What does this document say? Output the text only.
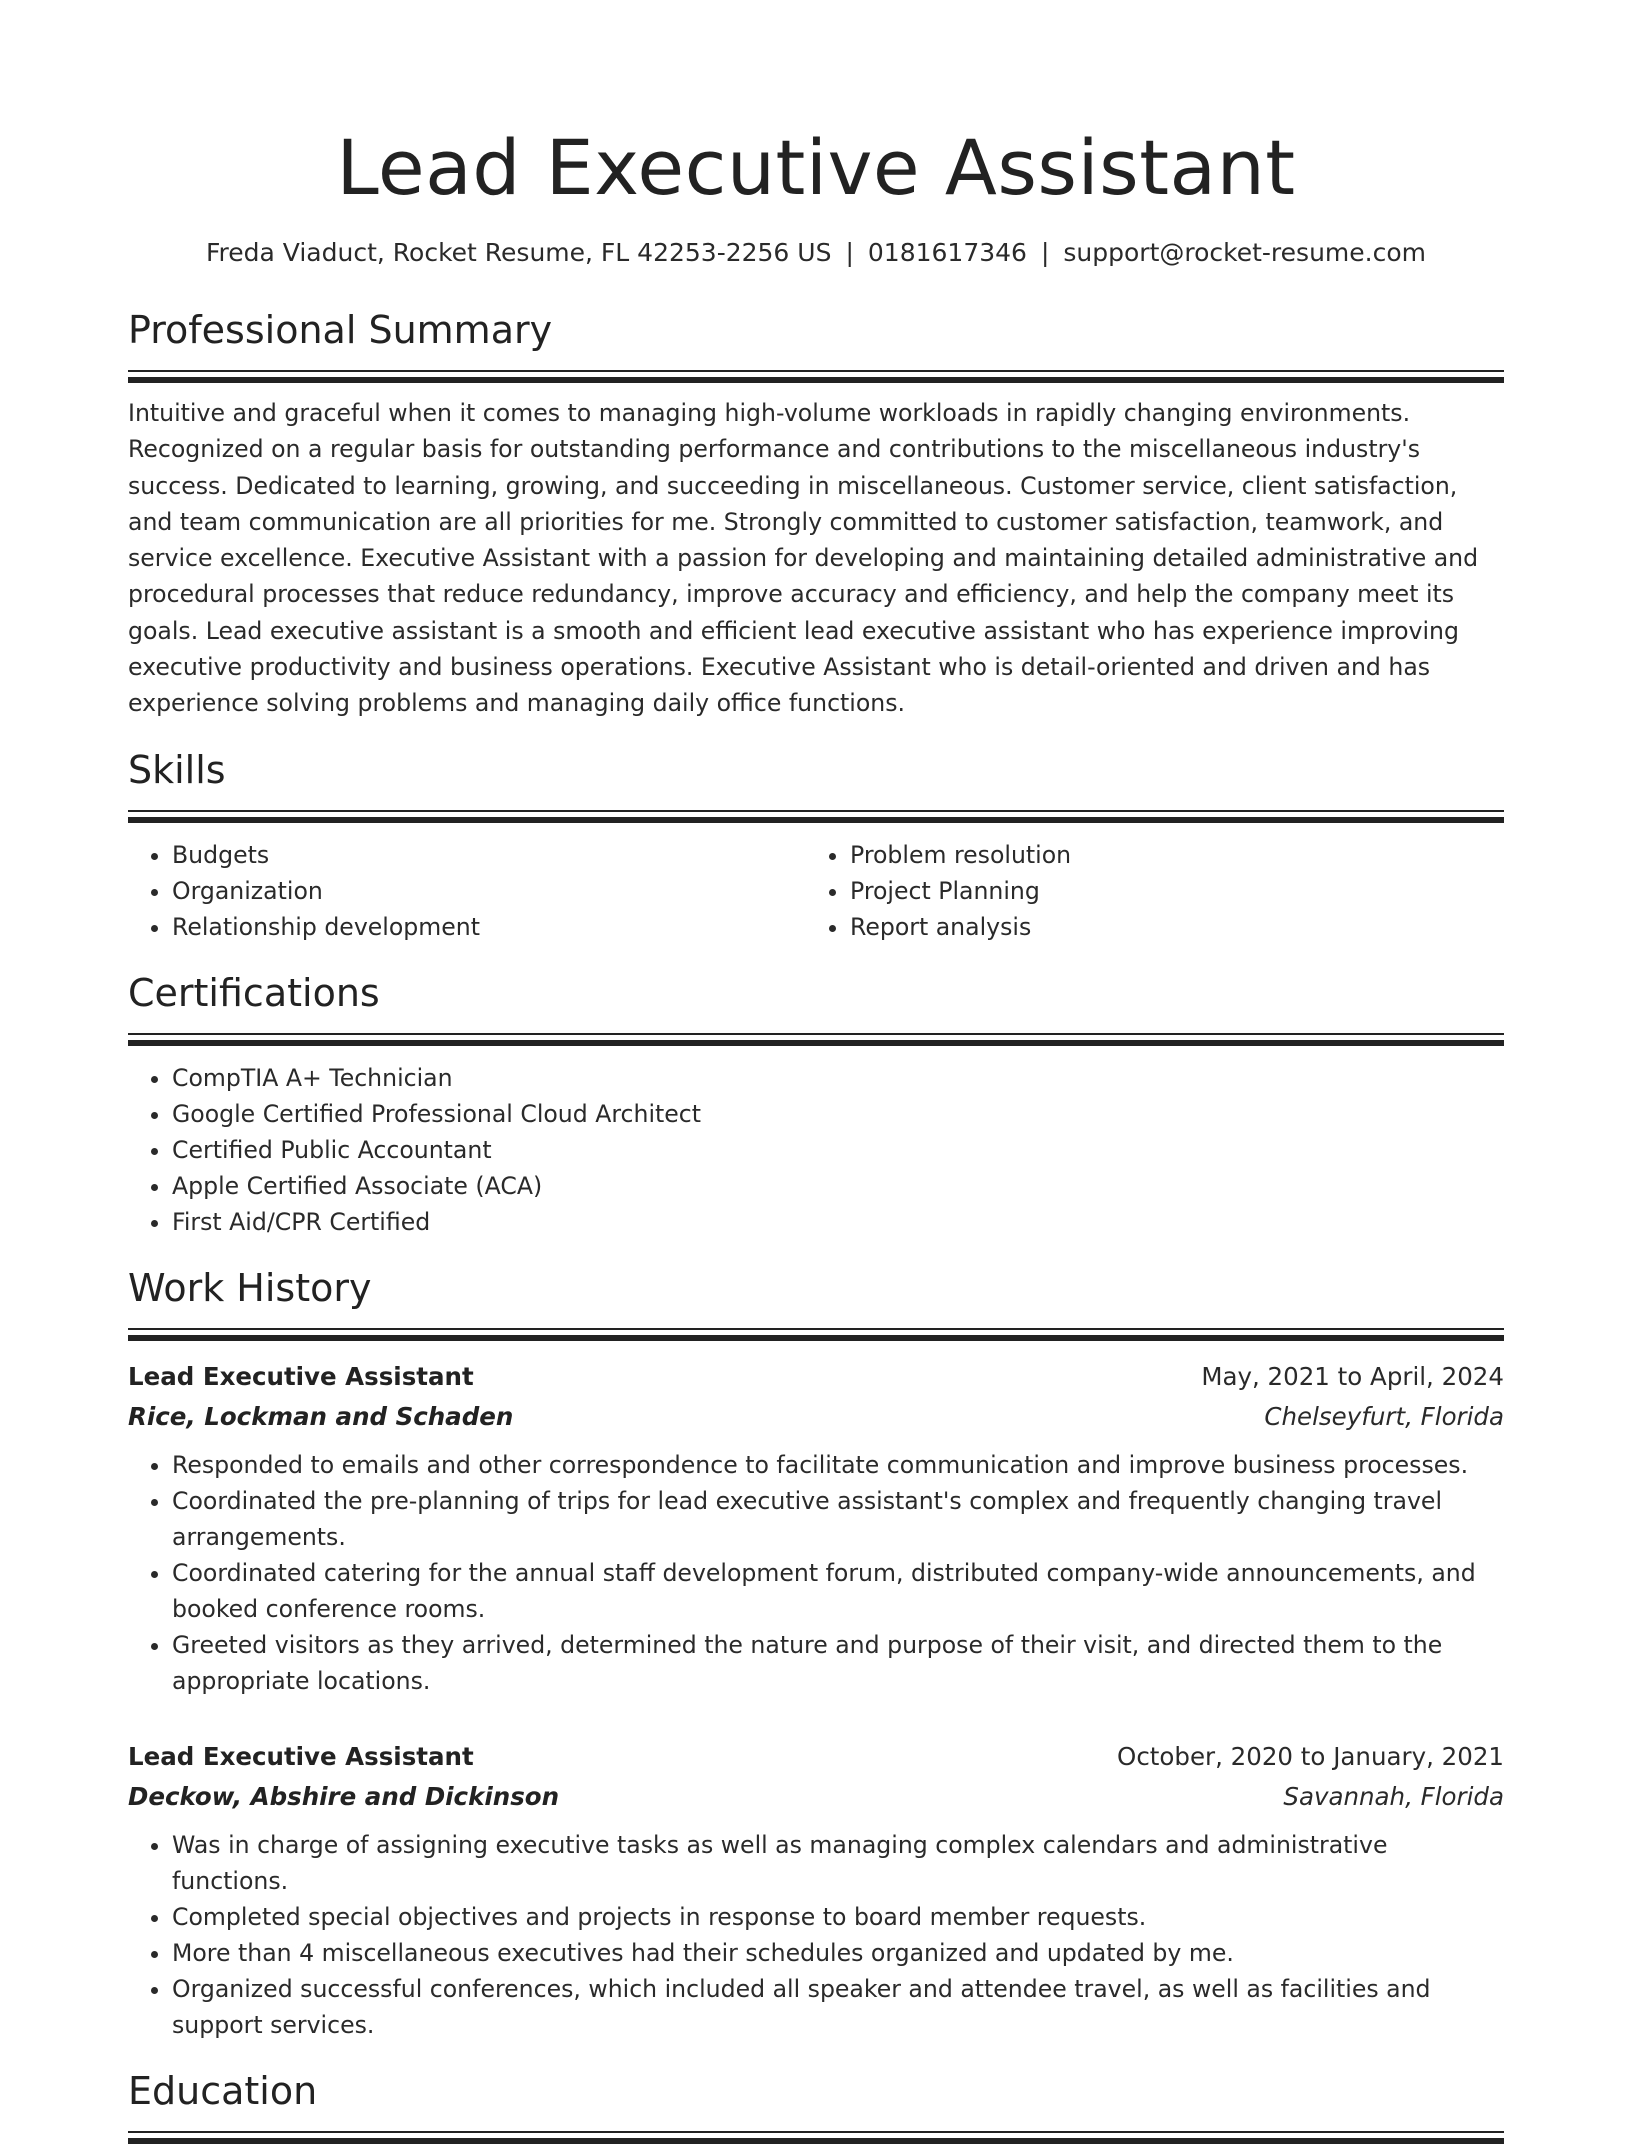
Lead Executive Assistant
Freda Viaduct, Rocket Resume, FL 42253-2256 US | 0181617346 | support@rocket-resume.com
Professional Summary

Intuitive and graceful when it comes to managing high-volume workloads in rapidly changing environments. Recognized on a regular basis for outstanding performance and contributions to the miscellaneous industry's success. Dedicated to learning, growing, and succeeding in miscellaneous. Customer service, client satisfaction, and team communication are all priorities for me. Strongly committed to customer satisfaction, teamwork, and service excellence. Executive Assistant with a passion for developing and maintaining detailed administrative and procedural processes that reduce redundancy, improve accuracy and efficiency, and help the company meet its goals. Lead executive assistant is a smooth and efficient lead executive assistant who has experience improving executive productivity and business operations. Executive Assistant who is detail-oriented and driven and has experience solving problems and managing daily office functions.

Skills
• Budgets
• Organization
• Relationship development
• Problem resolution
• Project Planning
• Report analysis
Certifications
• CompTIA A+ Technician
• Google Certified Professional Cloud Architect
• Certified Public Accountant
• Apple Certified Associate (ACA)
• First Aid/CPR Certified
Work History
Lead Executive Assistant	May, 2021 to April, 2024
Rice, Lockman and Schaden	Chelseyfurt, Florida
• Responded to emails and other correspondence to facilitate communication and improve business processes.
• Coordinated the pre-planning of trips for lead executive assistant's complex and frequently changing travel arrangements.
• Coordinated catering for the annual staff development forum, distributed company-wide announcements, and booked conference rooms.
• Greeted visitors as they arrived, determined the nature and purpose of their visit, and directed them to the appropriate locations.
Lead Executive Assistant	October, 2020 to January, 2021
Deckow, Abshire and Dickinson	Savannah, Florida
• Was in charge of assigning executive tasks as well as managing complex calendars and administrative functions.
• Completed special objectives and projects in response to board member requests.
• More than 4 miscellaneous executives had their schedules organized and updated by me.
• Organized successful conferences, which included all speaker and attendee travel, as well as facilities and support services.
Education
